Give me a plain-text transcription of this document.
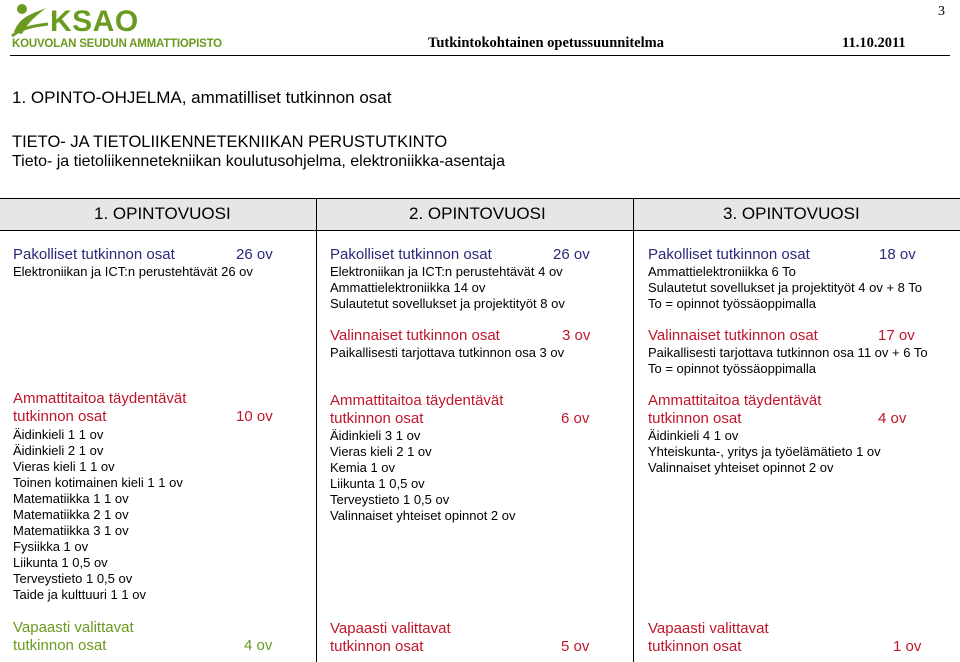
KSAO
KOUVOLAN SEUDUN AMMATTIOPISTO
3
Tutkintokohtainen opetussuunnitelma	11.10.2011
1. OPINTO-OHJELMA, ammatilliset tutkinnon osat
TIETO- JA TIETOLIIKENNETEKNIIKAN PERUSTUTKINTO
Tieto- ja tietoliikennetekniikan koulutusohjelma, elektroniikka-asentaja
1. OPINTOVUOSI	2. OPINTOVUOSI	3. OPINTOVUOSI
Pakolliset tutkinnon osat	26 ov
Elektroniikan ja ICT:n perustehtävät 26 ov
Ammattitaitoa täydentävät
tutkinnon osat	10 ov
Äidinkieli 1 1 ov
Äidinkieli 2 1 ov
Vieras kieli 1 1 ov
Toinen kotimainen kieli 1 1 ov
Matematiikka 1 1 ov
Matematiikka 2 1 ov
Matematiikka 3 1 ov
Fysiikka 1 ov
Liikunta 1 0,5 ov
Terveystieto 1 0,5 ov
Taide ja kulttuuri 1 1 ov
Vapaasti valittavat
tutkinnon osat	4 ov
Pakolliset tutkinnon osat	26 ov
Elektroniikan ja ICT:n perustehtävät 4 ov
Ammattielektroniikka 14 ov
Sulautetut sovellukset ja projektityöt 8 ov
Valinnaiset tutkinnon osat	3 ov
Paikallisesti tarjottava tutkinnon osa 3 ov
Ammattitaitoa täydentävät
tutkinnon osat	6 ov
Äidinkieli 3 1 ov
Vieras kieli 2 1 ov
Kemia 1 ov
Liikunta 1 0,5 ov
Terveystieto 1 0,5 ov
Valinnaiset yhteiset opinnot 2 ov
Vapaasti valittavat
tutkinnon osat	5 ov
Pakolliset tutkinnon osat	18 ov
Ammattielektroniikka 6 To
Sulautetut sovellukset ja projektityöt 4 ov + 8 To
To = opinnot työssäoppimalla
Valinnaiset tutkinnon osat	17 ov
Paikallisesti tarjottava tutkinnon osa 11 ov + 6 To
To = opinnot työssäoppimalla
Ammattitaitoa täydentävät
tutkinnon osat	4 ov
Äidinkieli 4 1 ov
Yhteiskunta-, yritys ja työelämätieto 1 ov
Valinnaiset yhteiset opinnot 2 ov
Vapaasti valittavat
tutkinnon osat	1 ov
